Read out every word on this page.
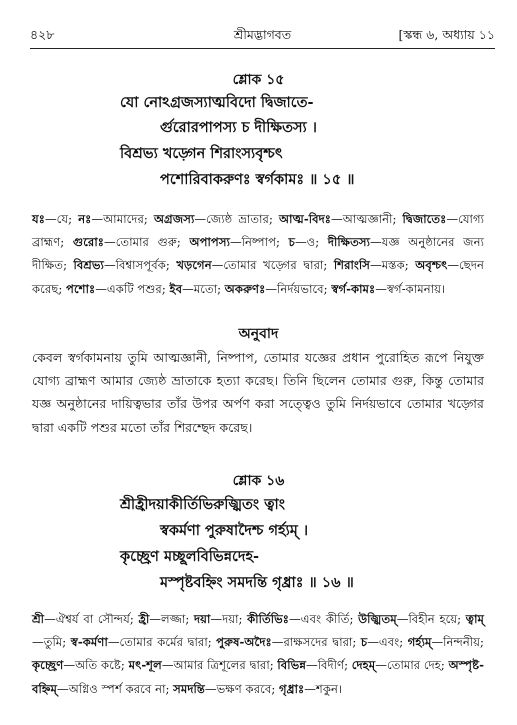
৪২৮	শ্রীমদ্ভাগবত	[স্কন্ধ ৬, অধ্যায় ১১
শ্লোক ১৫
যো নোঽগ্রজস্যাত্মবিদো দ্বিজাতে-
র্গুরোরপাপস্য চ দীক্ষিতস্য ।
বিশ্রভ্য খড়্গেন শিরাংস্যবৃশ্চৎ
পশোরিবাকরুণঃ স্বর্গকামঃ ॥ ১৫ ॥
যঃ—যে; নঃ—আমাদের; অগ্রজস্য—জ্যেষ্ঠ ভ্রাতার; আত্ম-বিদঃ—আত্মজ্ঞানী; দ্বিজাতেঃ—যোগ্য ব্রাহ্মণ; গুরোঃ—তোমার গুরু; অপাপস্য—নিষ্পাপ; চ—ও; দীক্ষিতস্য—যজ্ঞ অনুষ্ঠানের জন্য দীক্ষিত; বিশ্রভ্য—বিশ্বাসপূর্বক; খড়গেন—তোমার খড়্গের দ্বারা; শিরাংসি—মস্তক; অবৃশ্চৎ—ছেদন করেছ; পশোঃ—একটি পশুর; ইব—মতো; অকরুণঃ—নির্দয়ভাবে; স্বর্গ-কামঃ—স্বর্গ-কামনায়।
অনুবাদ
কেবল স্বর্গকামনায় তুমি আত্মজ্ঞানী, নিষ্পাপ, তোমার যজ্ঞের প্রধান পুরোহিত রূপে নিযুক্ত যোগ্য ব্রাহ্মণ আমার জ্যেষ্ঠ ভ্রাতাকে হত্যা করেছ। তিনি ছিলেন তোমার গুরু, কিন্তু তোমার যজ্ঞ অনুষ্ঠানের দায়িত্বভার তাঁর উপর অর্পণ করা সত্ত্বেও তুমি নির্দয়ভাবে তোমার খড়্গের দ্বারা একটি পশুর মতো তাঁর শিরশ্ছেদ করেছ।
শ্লোক ১৬
শ্রীহ্রীদয়াকীর্তিভিরুজ্ঝিতং ত্বাং
স্বকর্মণা পুরুষাদৈশ্চ গর্হ্যম্ ।
কৃচ্ছ্রেণ মচ্ছূলবিভিন্নদেহ-
মস্পৃষ্টবহ্নিং সমদন্তি গৃধ্রাঃ ॥ ১৬ ॥
শ্রী—ঐশ্বর্য বা সৌন্দর্য; হ্রী—লজ্জা; দয়া—দয়া; কীর্তিভিঃ—এবং কীর্তি; উজ্ঝিতম্—বিহীন হয়ে; ত্বাম্—তুমি; স্ব-কর্মণা—তোমার কর্মের দ্বারা; পুরুষ-অদৈঃ—রাক্ষসদের দ্বারা; চ—এবং; গর্হ্যম্—নিন্দনীয়; কৃচ্ছ্রেণ—অতি কষ্টে; মৎ-শূল—আমার ত্রিশূলের দ্বারা; বিভিন্ন—বিদীর্ণ; দেহম্—তোমার দেহ; অস্পৃষ্ট-বহ্নিম্—অগ্নিও স্পর্শ করবে না; সমদন্তি—ভক্ষণ করবে; গৃধ্রাঃ—শকুন।
